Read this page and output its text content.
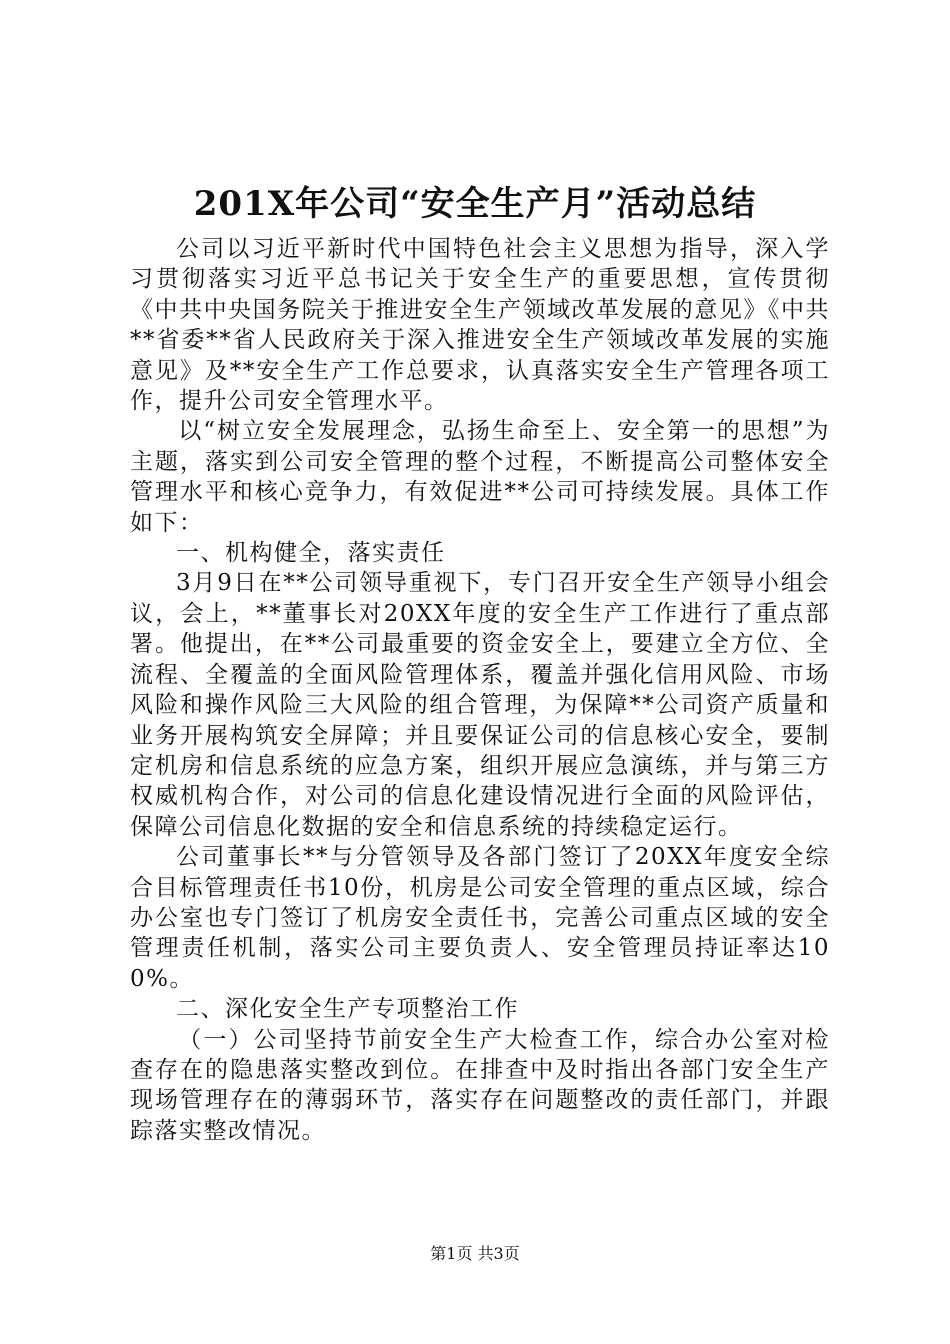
201X年公司“安全生产月”活动总结

公司以习近平新时代中国特色社会主义思想为指导，深入学习贯彻落实习近平总书记关于安全生产的重要思想，宣传贯彻《中共中央国务院关于推进安全生产领域改革发展的意见》《中共**省委**省人民政府关于深入推进安全生产领域改革发展的实施意见》及**安全生产工作总要求，认真落实安全生产管理各项工作，提升公司安全管理水平。

以“树立安全发展理念，弘扬生命至上、安全第一的思想”为主题，落实到公司安全管理的整个过程，不断提高公司整体安全管理水平和核心竞争力，有效促进**公司可持续发展。具体工作如下：

一、机构健全，落实责任

3月9日在**公司领导重视下，专门召开安全生产领导小组会议，会上，**董事长对20XX年度的安全生产工作进行了重点部署。他提出，在**公司最重要的资金安全上，要建立全方位、全流程、全覆盖的全面风险管理体系，覆盖并强化信用风险、市场风险和操作风险三大风险的组合管理，为保障**公司资产质量和业务开展构筑安全屏障；并且要保证公司的信息核心安全，要制定机房和信息系统的应急方案，组织开展应急演练，并与第三方权威机构合作，对公司的信息化建设情况进行全面的风险评估，保障公司信息化数据的安全和信息系统的持续稳定运行。

公司董事长**与分管领导及各部门签订了20XX年度安全综合目标管理责任书10份，机房是公司安全管理的重点区域，综合办公室也专门签订了机房安全责任书，完善公司重点区域的安全管理责任机制，落实公司主要负责人、安全管理员持证率达100%。

二、深化安全生产专项整治工作

（一）公司坚持节前安全生产大检查工作，综合办公室对检查存在的隐患落实整改到位。在排查中及时指出各部门安全生产现场管理存在的薄弱环节，落实存在问题整改的责任部门，并跟踪落实整改情况。

第1页 共3页
